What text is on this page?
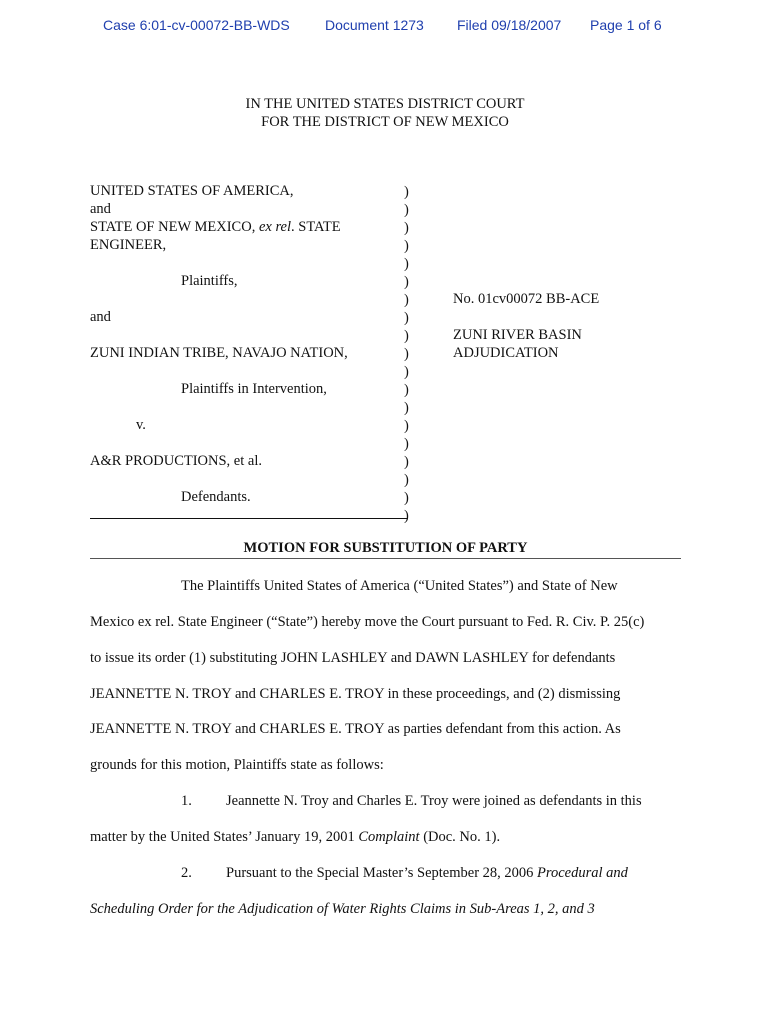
Case 6:01-cv-00072-BB-WDS	Document 1273 Filed 09/18/2007 Page 1 of 6
IN THE UNITED STATES DISTRICT COURT
FOR THE DISTRICT OF NEW MEXICO
UNITED STATES OF AMERICA,
and
STATE OF NEW MEXICO, ex rel. STATE
ENGINEER,
Plaintiffs,
and
ZUNI INDIAN TRIBE, NAVAJO NATION,
Plaintiffs in Intervention,
v.
A&R PRODUCTIONS, et al.
Defendants.
)
)
)
)
)
)
)
)
)
)
)
)
)
)
)
)
)
)
)
No. 01cv00072 BB-ACE
ZUNI RIVER BASIN
ADJUDICATION
MOTION FOR SUBSTITUTION OF PARTY
The Plaintiffs United States of America (“United States”) and State of New
Mexico ex rel. State Engineer (“State”) hereby move the Court pursuant to Fed. R. Civ. P. 25(c)
to issue its order (1) substituting JOHN LASHLEY and DAWN LASHLEY for defendants
JEANNETTE N. TROY and CHARLES E. TROY in these proceedings, and (2) dismissing
JEANNETTE N. TROY and CHARLES E. TROY as parties defendant from this action. As
grounds for this motion, Plaintiffs state as follows:
1. Jeannette N. Troy and Charles E. Troy were joined as defendants in this
matter by the United States’ January 19, 2001 Complaint (Doc. No. 1).
2. Pursuant to the Special Master’s September 28, 2006 Procedural and
Scheduling Order for the Adjudication of Water Rights Claims in Sub-Areas 1, 2, and 3
